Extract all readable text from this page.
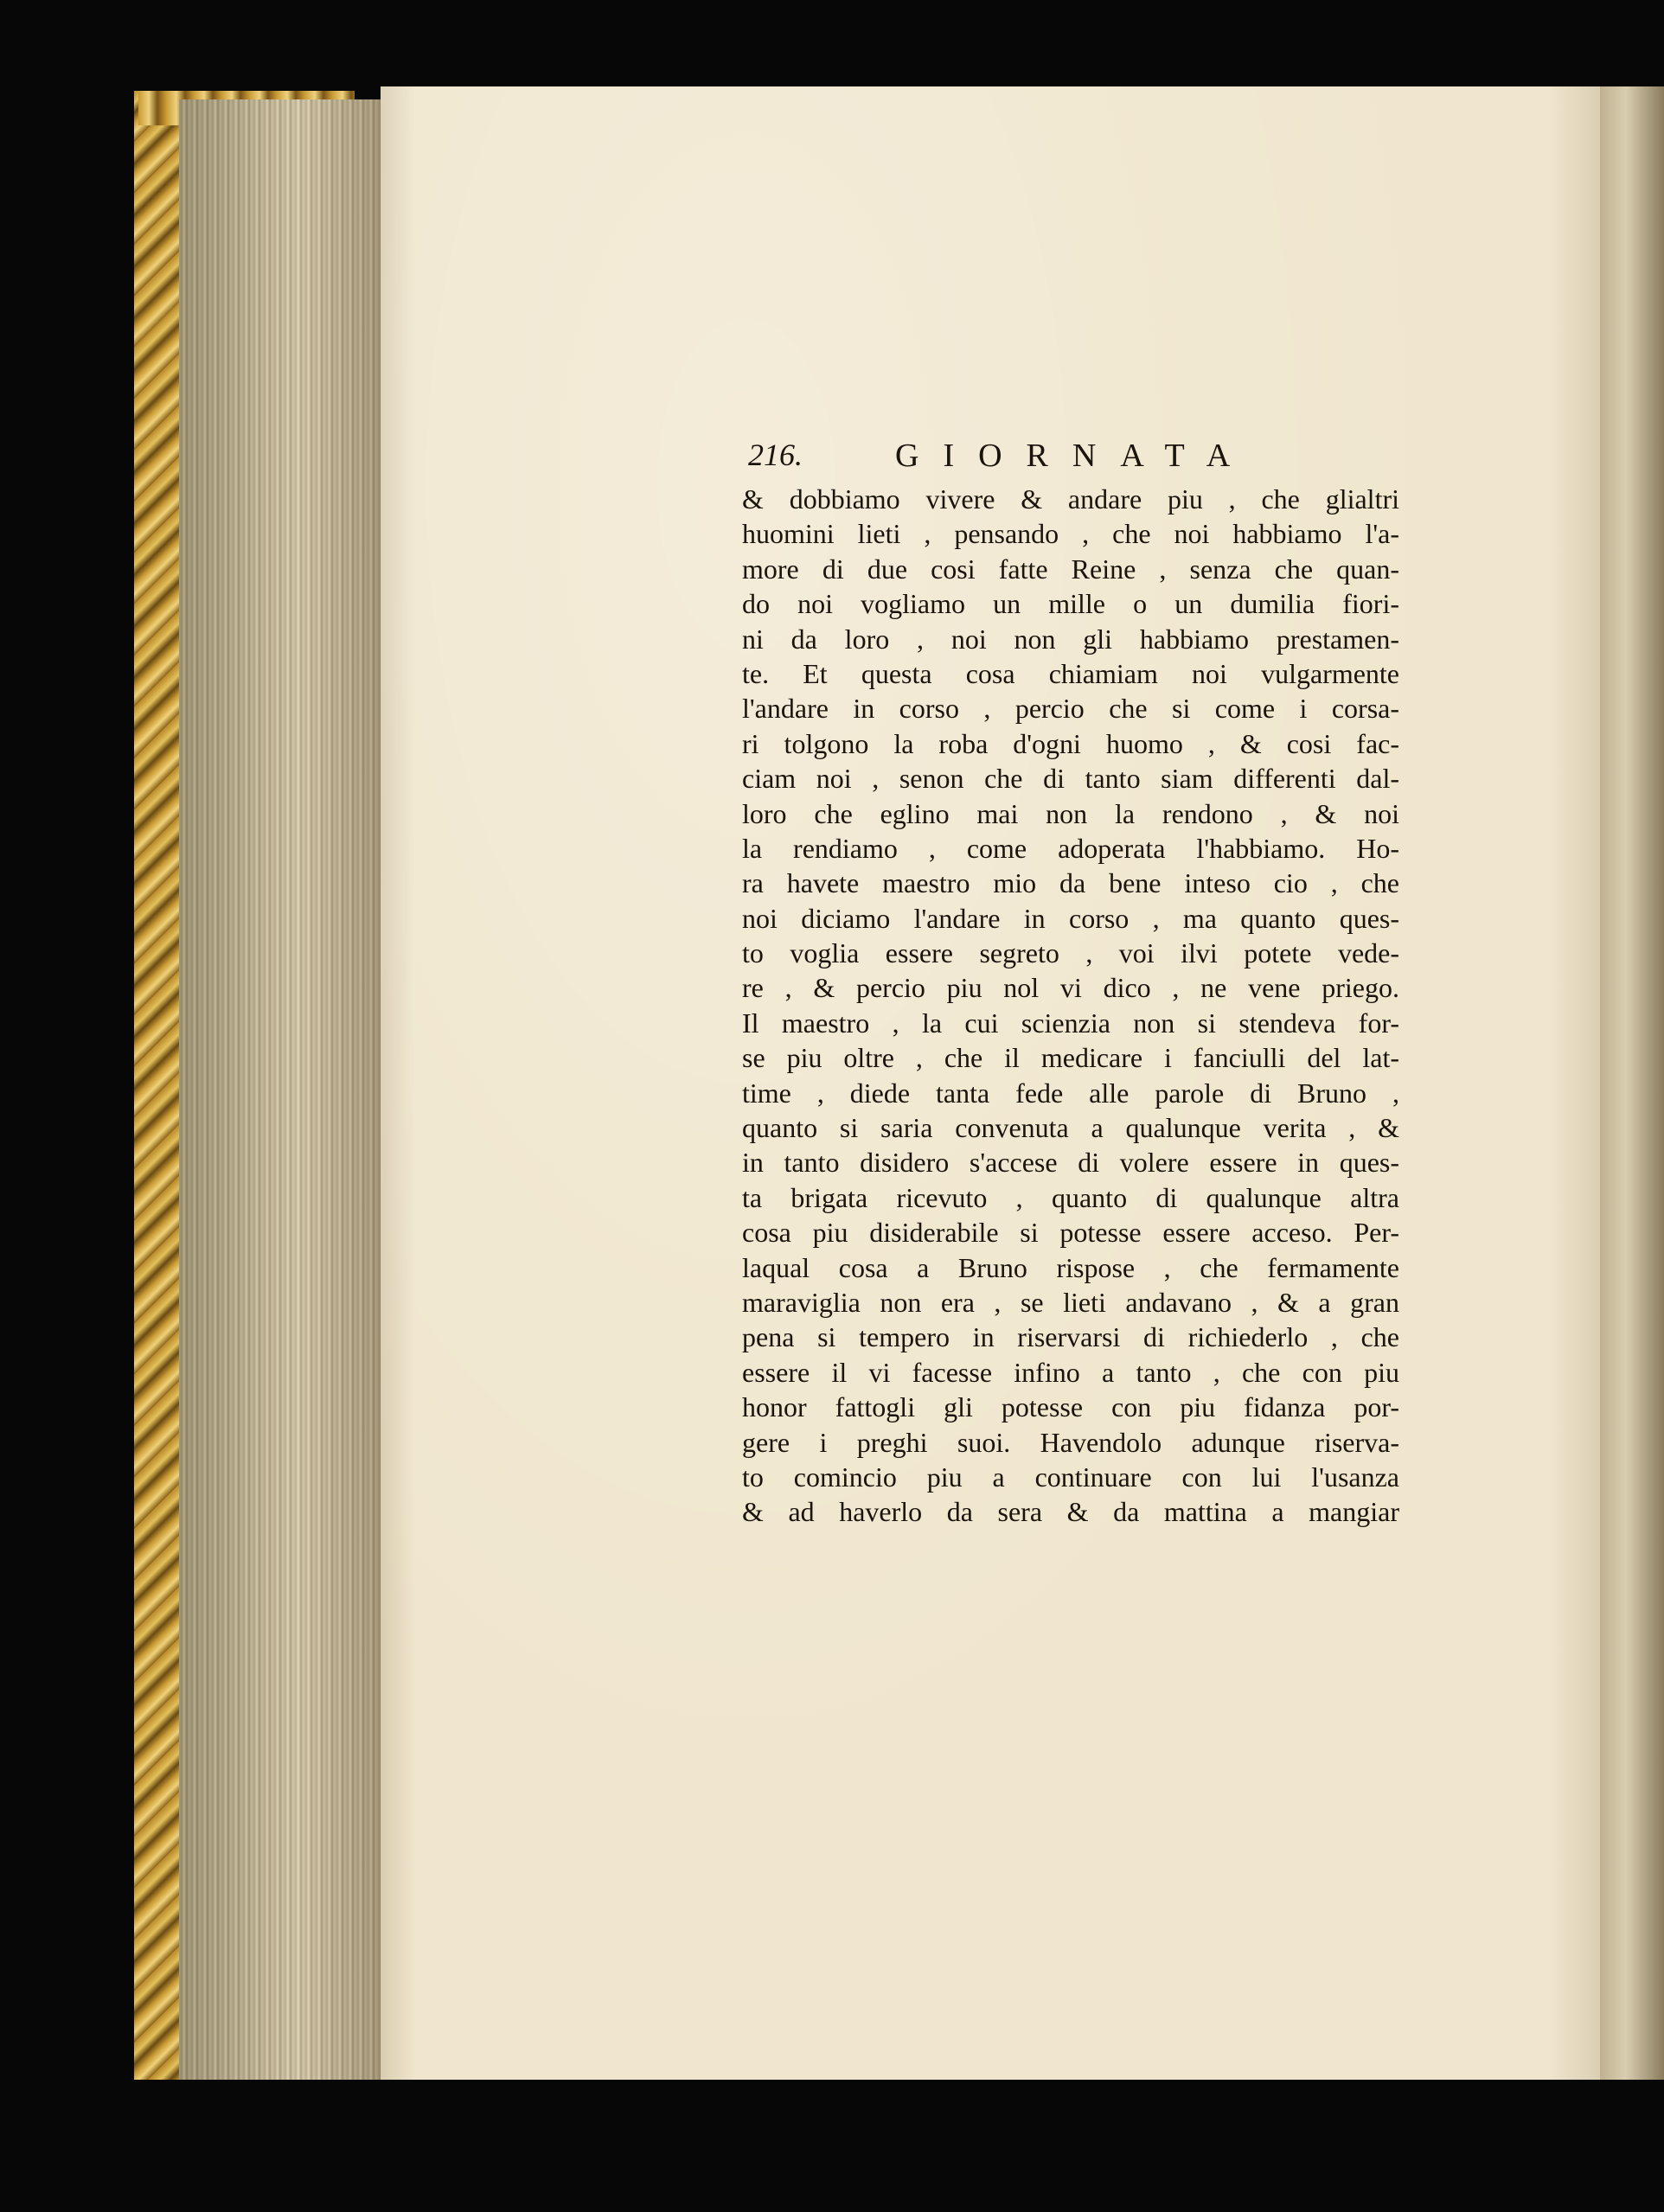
216.	GIORNATA
& dobbiamo vivere & andare piu , che glialtri
huomini lieti , pensando , che noi habbiamo l'a-
more di due cosi fatte Reine , senza che quan-
do noi vogliamo un mille o un dumilia fiori-
ni da loro , noi non gli habbiamo prestamen-
te. Et questa cosa chiamiam noi vulgarmente
l'andare in corso , percio che si come i corsa-
ri tolgono la roba d'ogni huomo , & cosi fac-
ciam noi , senon che di tanto siam differenti dal-
loro che eglino mai non la rendono , & noi
la rendiamo , come adoperata l'habbiamo. Ho-
ra havete maestro mio da bene inteso cio , che
noi diciamo l'andare in corso , ma quanto ques-
to voglia essere segreto , voi ilvi potete vede-
re , & percio piu nol vi dico , ne vene priego.
Il maestro , la cui scienzia non si stendeva for-
se piu oltre , che il medicare i fanciulli del lat-
time , diede tanta fede alle parole di Bruno ,
quanto si saria convenuta a qualunque verita , &
in tanto disidero s'accese di volere essere in ques-
ta brigata ricevuto , quanto di qualunque altra
cosa piu disiderabile si potesse essere acceso. Per-
laqual cosa a Bruno rispose , che fermamente
maraviglia non era , se lieti andavano , & a gran
pena si tempero in riservarsi di richiederlo , che
essere il vi facesse infino a tanto , che con piu
honor fattogli gli potesse con piu fidanza por-
gere i preghi suoi. Havendolo adunque riserva-
to comincio piu a continuare con lui l'usanza
& ad haverlo da sera & da mattina a mangiar
